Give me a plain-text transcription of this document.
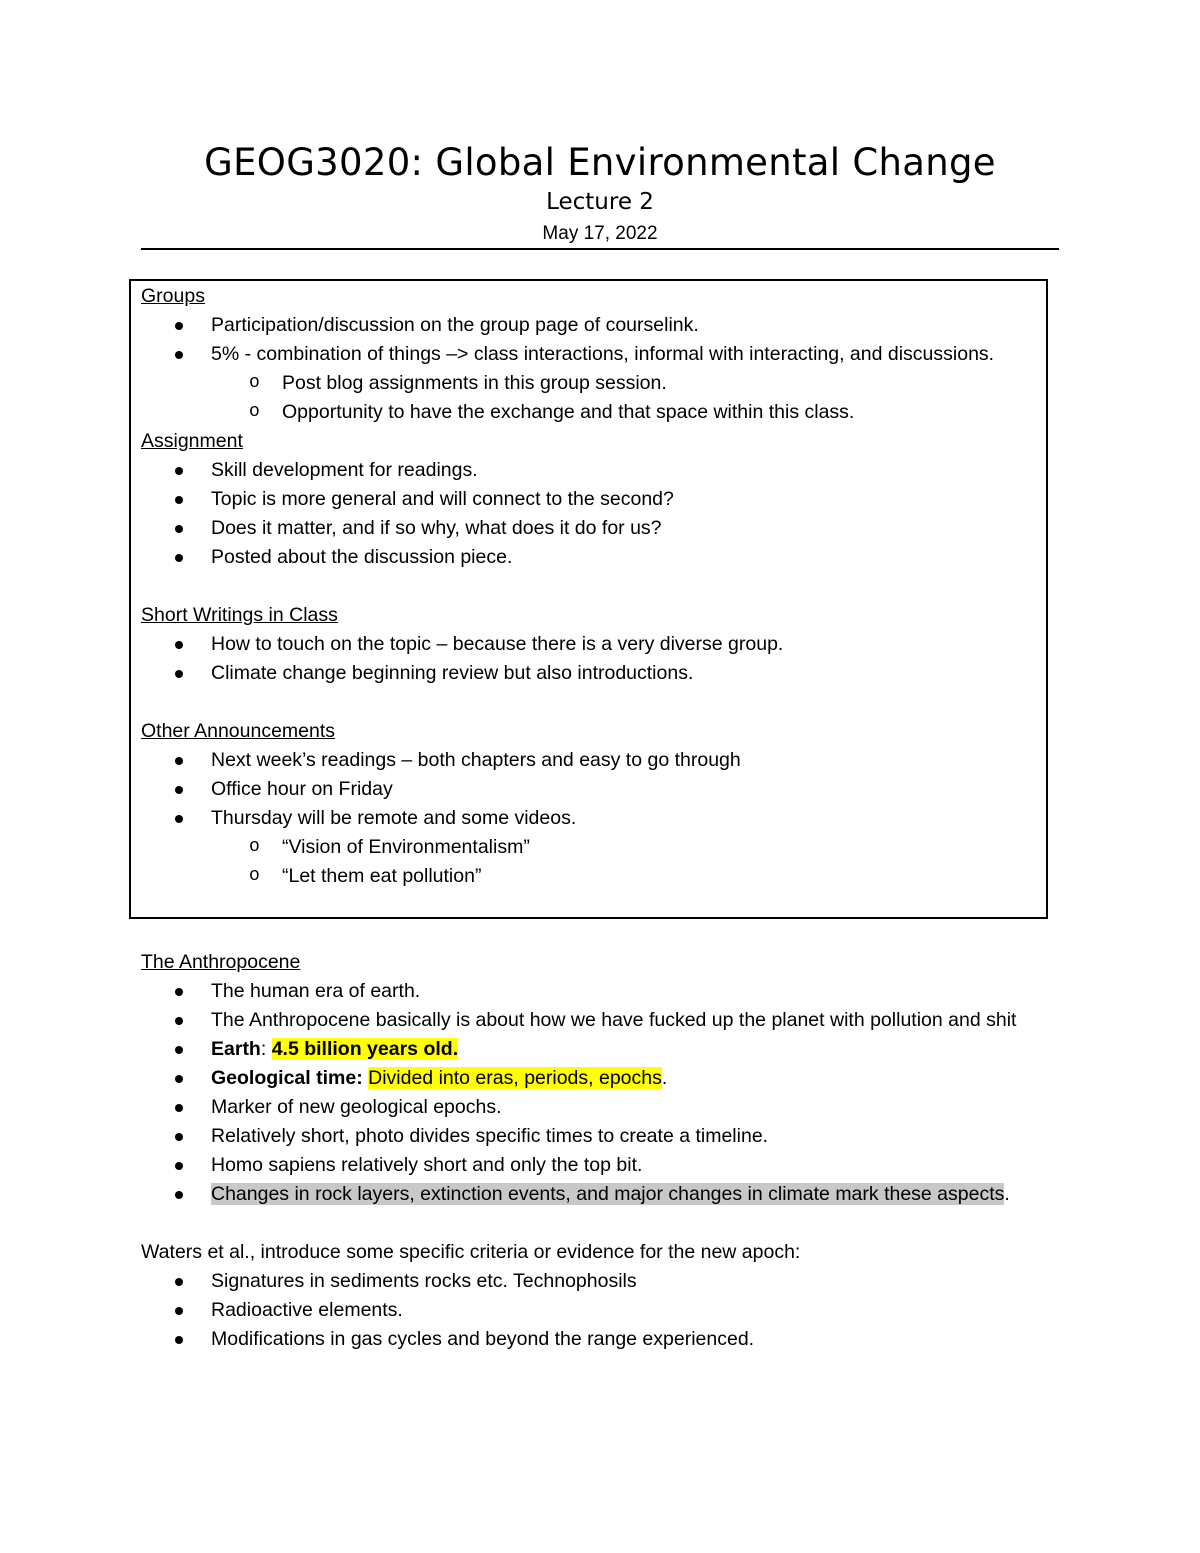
GEOG3020: Global Environmental Change
Lecture 2
May 17, 2022
Groups
Participation/discussion on the group page of courselink.
5% - combination of things –> class interactions, informal with interacting, and discussions.
o Post blog assignments in this group session.
o Opportunity to have the exchange and that space within this class.
Assignment
Skill development for readings.
Topic is more general and will connect to the second?
Does it matter, and if so why, what does it do for us?
Posted about the discussion piece.
Short Writings in Class
How to touch on the topic – because there is a very diverse group.
Climate change beginning review but also introductions.
Other Announcements
Next week’s readings – both chapters and easy to go through
Office hour on Friday
Thursday will be remote and some videos.
o “Vision of Environmentalism”
o “Let them eat pollution”
The Anthropocene
The human era of earth.
The Anthropocene basically is about how we have fucked up the planet with pollution and shit
Earth: 4.5 billion years old.
Geological time: Divided into eras, periods, epochs.
Marker of new geological epochs.
Relatively short, photo divides specific times to create a timeline.
Homo sapiens relatively short and only the top bit.
Changes in rock layers, extinction events, and major changes in climate mark these aspects.
Waters et al., introduce some specific criteria or evidence for the new apoch:
Signatures in sediments rocks etc. Technophosils
Radioactive elements.
Modifications in gas cycles and beyond the range experienced.
